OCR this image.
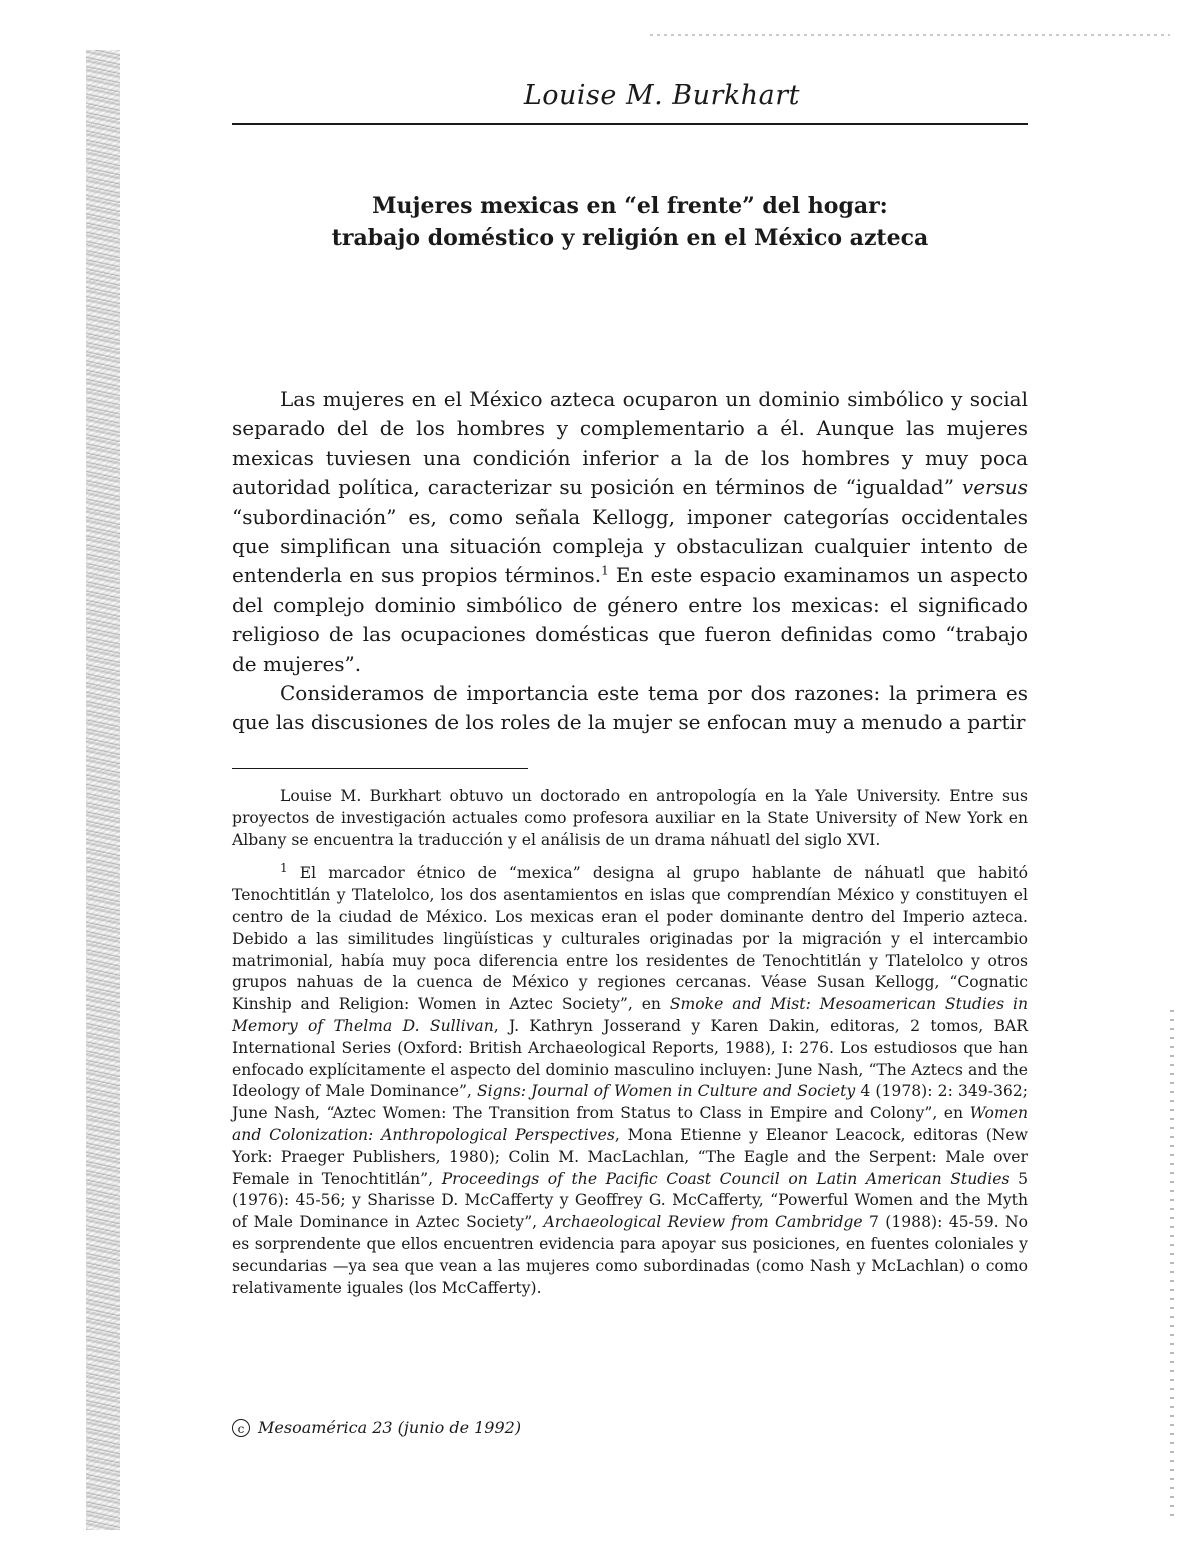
Louise M. Burkhart
Mujeres mexicas en “el frente” del hogar:
trabajo doméstico y religión en el México azteca

Las mujeres en el México azteca ocuparon un dominio simbólico y social separado del de los hombres y complementario a él. Aunque las mujeres mexicas tuviesen una condición inferior a la de los hombres y muy poca autoridad política, caracterizar su posición en términos de “igualdad” versus “subordinación” es, como señala Kellogg, imponer categorías occidentales que simplifican una situación compleja y obstaculizan cualquier intento de entenderla en sus propios términos.$^1$ En este espacio examinamos un aspecto del complejo dominio simbólico de género entre los mexicas: el significado religioso de las ocupaciones domésticas que fueron definidas como “trabajo de mujeres”.

Consideramos de importancia este tema por dos razones: la primera es que las discusiones de los roles de la mujer se enfocan muy a menudo a partir

Louise M. Burkhart obtuvo un doctorado en antropología en la Yale University. Entre sus proyectos de investigación actuales como profesora auxiliar en la State University of New York en Albany se encuentra la traducción y el análisis de un drama náhuatl del siglo XVI.

$^1$ El marcador étnico de “mexica” designa al grupo hablante de náhuatl que habitó Tenochtitlán y Tlatelolco, los dos asentamientos en islas que comprendían México y constituyen el centro de la ciudad de México. Los mexicas eran el poder dominante dentro del Imperio azteca. Debido a las similitudes lingüísticas y culturales originadas por la migración y el intercambio matrimonial, había muy poca diferencia entre los residentes de Tenochtitlán y Tlatelolco y otros grupos nahuas de la cuenca de México y regiones cercanas. Véase Susan Kellogg, “Cognatic Kinship and Religion: Women in Aztec Society”, en Smoke and Mist: Mesoamerican Studies in Memory of Thelma D. Sullivan, J. Kathryn Josserand y Karen Dakin, editoras, 2 tomos, BAR International Series (Oxford: British Archaeological Reports, 1988), I: 276. Los estudiosos que han enfocado explícitamente el aspecto del dominio masculino incluyen: June Nash, “The Aztecs and the Ideology of Male Dominance”, Signs: Journal of Women in Culture and Society 4 (1978): 2: 349-362; June Nash, “Aztec Women: The Transition from Status to Class in Empire and Colony”, en Women and Colonization: Anthropological Perspectives, Mona Etienne y Eleanor Leacock, editoras (New York: Praeger Publishers, 1980); Colin M. MacLachlan, “The Eagle and the Serpent: Male over Female in Tenochtitlán”, Proceedings of the Pacific Coast Council on Latin American Studies 5 (1976): 45-56; y Sharisse D. McCafferty y Geoffrey G. McCafferty, “Powerful Women and the Myth of Male Dominance in Aztec Society”, Archaeological Review from Cambridge 7 (1988): 45-59. No es sorprendente que ellos encuentren evidencia para apoyar sus posiciones, en fuentes coloniales y secundarias —ya sea que vean a las mujeres como subordinadas (como Nash y McLachlan) o como relativamente iguales (los McCafferty).

c Mesoamérica 23 (junio de 1992)
